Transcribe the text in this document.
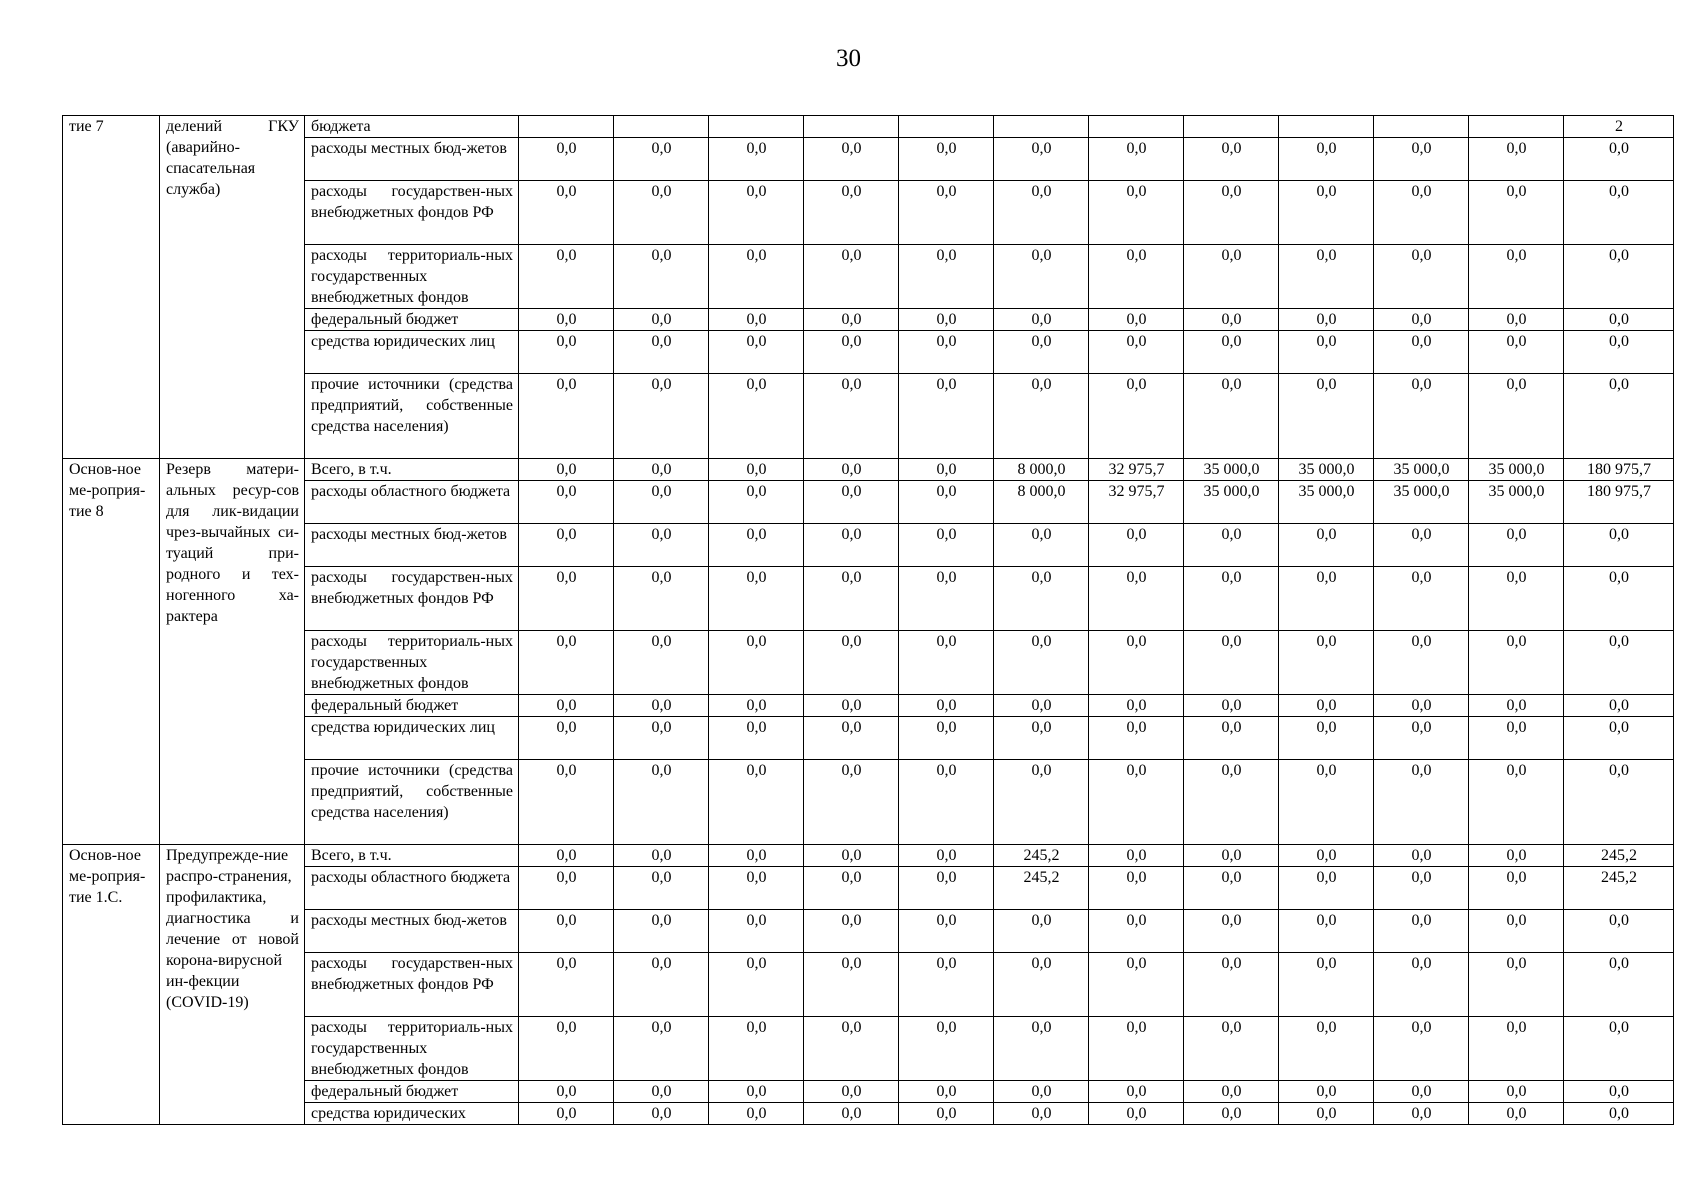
30
тие 7	делений ГКУ (аварийно-спасательная служба)	бюджета												2
		расходы местных бюд-жетов	0,0	0,0	0,0	0,0	0,0	0,0	0,0	0,0	0,0	0,0	0,0	0,0
		расходы государствен-ных внебюджетных фондов РФ	0,0	0,0	0,0	0,0	0,0	0,0	0,0	0,0	0,0	0,0	0,0	0,0
		расходы территориаль-ных государственных внебюджетных фондов	0,0	0,0	0,0	0,0	0,0	0,0	0,0	0,0	0,0	0,0	0,0	0,0
		федеральный бюджет	0,0	0,0	0,0	0,0	0,0	0,0	0,0	0,0	0,0	0,0	0,0	0,0
		средства юридических лиц	0,0	0,0	0,0	0,0	0,0	0,0	0,0	0,0	0,0	0,0	0,0	0,0
		прочие источники (средства предприятий, собственные средства населения)	0,0	0,0	0,0	0,0	0,0	0,0	0,0	0,0	0,0	0,0	0,0	0,0
Основ-ное ме-роприя-тие 8	Резерв матери-альных ресур-сов для лик-видации чрез-вычайных си-туаций при-родного и тех-ногенного ха-рактера	Всего, в т.ч.	0,0	0,0	0,0	0,0	0,0	8 000,0	32 975,7	35 000,0	35 000,0	35 000,0	35 000,0	180 975,7
		расходы областного бюджета	0,0	0,0	0,0	0,0	0,0	8 000,0	32 975,7	35 000,0	35 000,0	35 000,0	35 000,0	180 975,7
		расходы местных бюд-жетов	0,0	0,0	0,0	0,0	0,0	0,0	0,0	0,0	0,0	0,0	0,0	0,0
		расходы государствен-ных внебюджетных фондов РФ	0,0	0,0	0,0	0,0	0,0	0,0	0,0	0,0	0,0	0,0	0,0	0,0
		расходы территориаль-ных государственных внебюджетных фондов	0,0	0,0	0,0	0,0	0,0	0,0	0,0	0,0	0,0	0,0	0,0	0,0
		федеральный бюджет	0,0	0,0	0,0	0,0	0,0	0,0	0,0	0,0	0,0	0,0	0,0	0,0
		средства юридических лиц	0,0	0,0	0,0	0,0	0,0	0,0	0,0	0,0	0,0	0,0	0,0	0,0
		прочие источники (средства предприятий, собственные средства населения)	0,0	0,0	0,0	0,0	0,0	0,0	0,0	0,0	0,0	0,0	0,0	0,0
Основ-ное ме-роприя-тие 1.С.	Предупрежде-ние распро-странения, профилактика, диагностика и лечение от новой корона-вирусной ин-фекции (COVID-19)	Всего, в т.ч.	0,0	0,0	0,0	0,0	0,0	245,2	0,0	0,0	0,0	0,0	0,0	245,2
		расходы областного бюджета	0,0	0,0	0,0	0,0	0,0	245,2	0,0	0,0	0,0	0,0	0,0	245,2
		расходы местных бюд-жетов	0,0	0,0	0,0	0,0	0,0	0,0	0,0	0,0	0,0	0,0	0,0	0,0
		расходы государствен-ных внебюджетных фондов РФ	0,0	0,0	0,0	0,0	0,0	0,0	0,0	0,0	0,0	0,0	0,0	0,0
		расходы территориаль-ных государственных внебюджетных фондов	0,0	0,0	0,0	0,0	0,0	0,0	0,0	0,0	0,0	0,0	0,0	0,0
		федеральный бюджет	0,0	0,0	0,0	0,0	0,0	0,0	0,0	0,0	0,0	0,0	0,0	0,0
		средства юридических	0,0	0,0	0,0	0,0	0,0	0,0	0,0	0,0	0,0	0,0	0,0	0,0
